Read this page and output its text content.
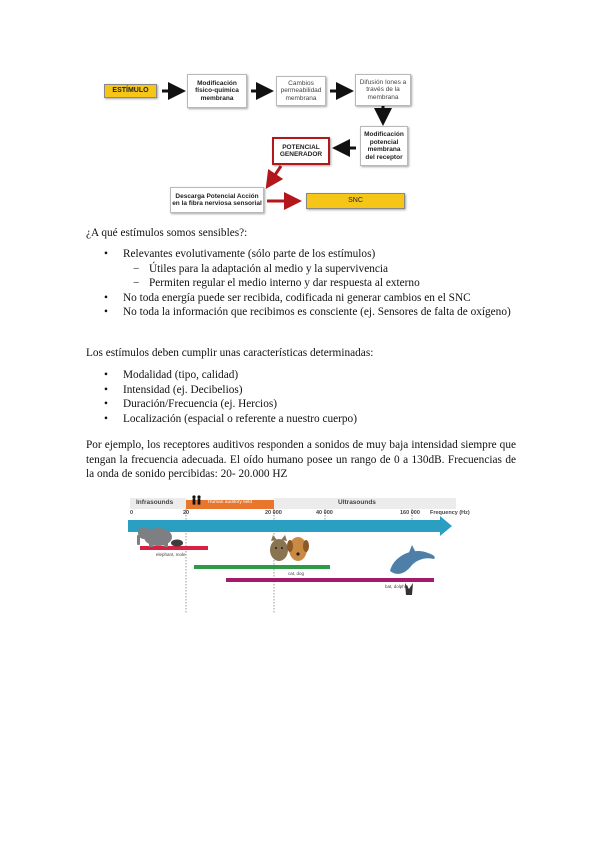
ESTÍMULO
Modificación físico-química membrana
Cambios permeabilidad membrana
Difusión Iones a través de la membrana
Modificación potencial membrana del receptor
POTENCIAL GENERADOR
Descarga Potencial Acción en la fibra nerviosa sensorial	SNC
¿A qué estímulos somos sensibles?:
• Relevantes evolutivamente (sólo parte de los estímulos)
− Útiles para la adaptación al medio y la supervivencia
− Permiten regular el medio interno y dar respuesta al externo
• No toda energía puede ser recibida, codificada ni generar cambios en el SNC
• No toda la información que recibimos es consciente (ej. Sensores de falta de oxígeno)
Los estímulos deben cumplir unas características determinadas:
• Modalidad (tipo, calidad)
• Intensidad (ej. Decibelios)
• Duración/Frecuencia (ej. Hercios)
• Localización (espacial o referente a nuestro cuerpo)
Por ejemplo, los receptores auditivos responden a sonidos de muy baja intensidad siempre que tengan la frecuencia adecuada. El oído humano posee un rango de 0 a 130dB. Frecuencias de la onda de sonido percibidas: 20- 20.000 HZ
Infrasounds	Human auditory field	Ultrasounds
0	20	20 000	40 000	160 000 Frequency (Hz)
elephant, mole
cat, dog
bat, dolphin
